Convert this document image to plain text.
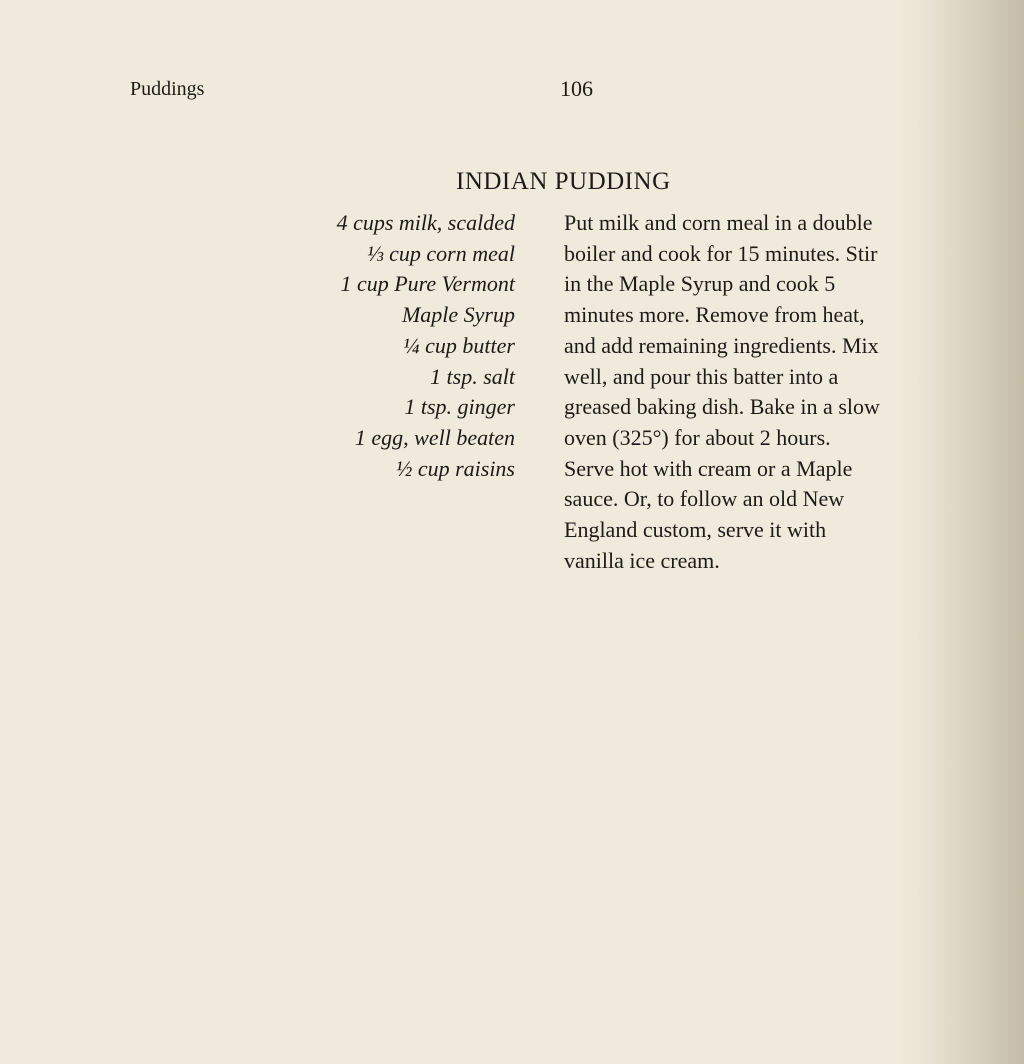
Puddings	106
INDIAN PUDDING
4 cups milk, scalded
⅓ cup corn meal
1 cup Pure Vermont
Maple Syrup
¼ cup butter
1 tsp. salt
1 tsp. ginger
1 egg, well beaten
½ cup raisins
Put milk and corn meal in a double
boiler and cook for 15 minutes. Stir
in the Maple Syrup and cook 5
minutes more. Remove from heat,
and add remaining ingredients. Mix
well, and pour this batter into a
greased baking dish. Bake in a slow
oven (325°) for about 2 hours.
Serve hot with cream or a Maple
sauce. Or, to follow an old New
England custom, serve it with
vanilla ice cream.
